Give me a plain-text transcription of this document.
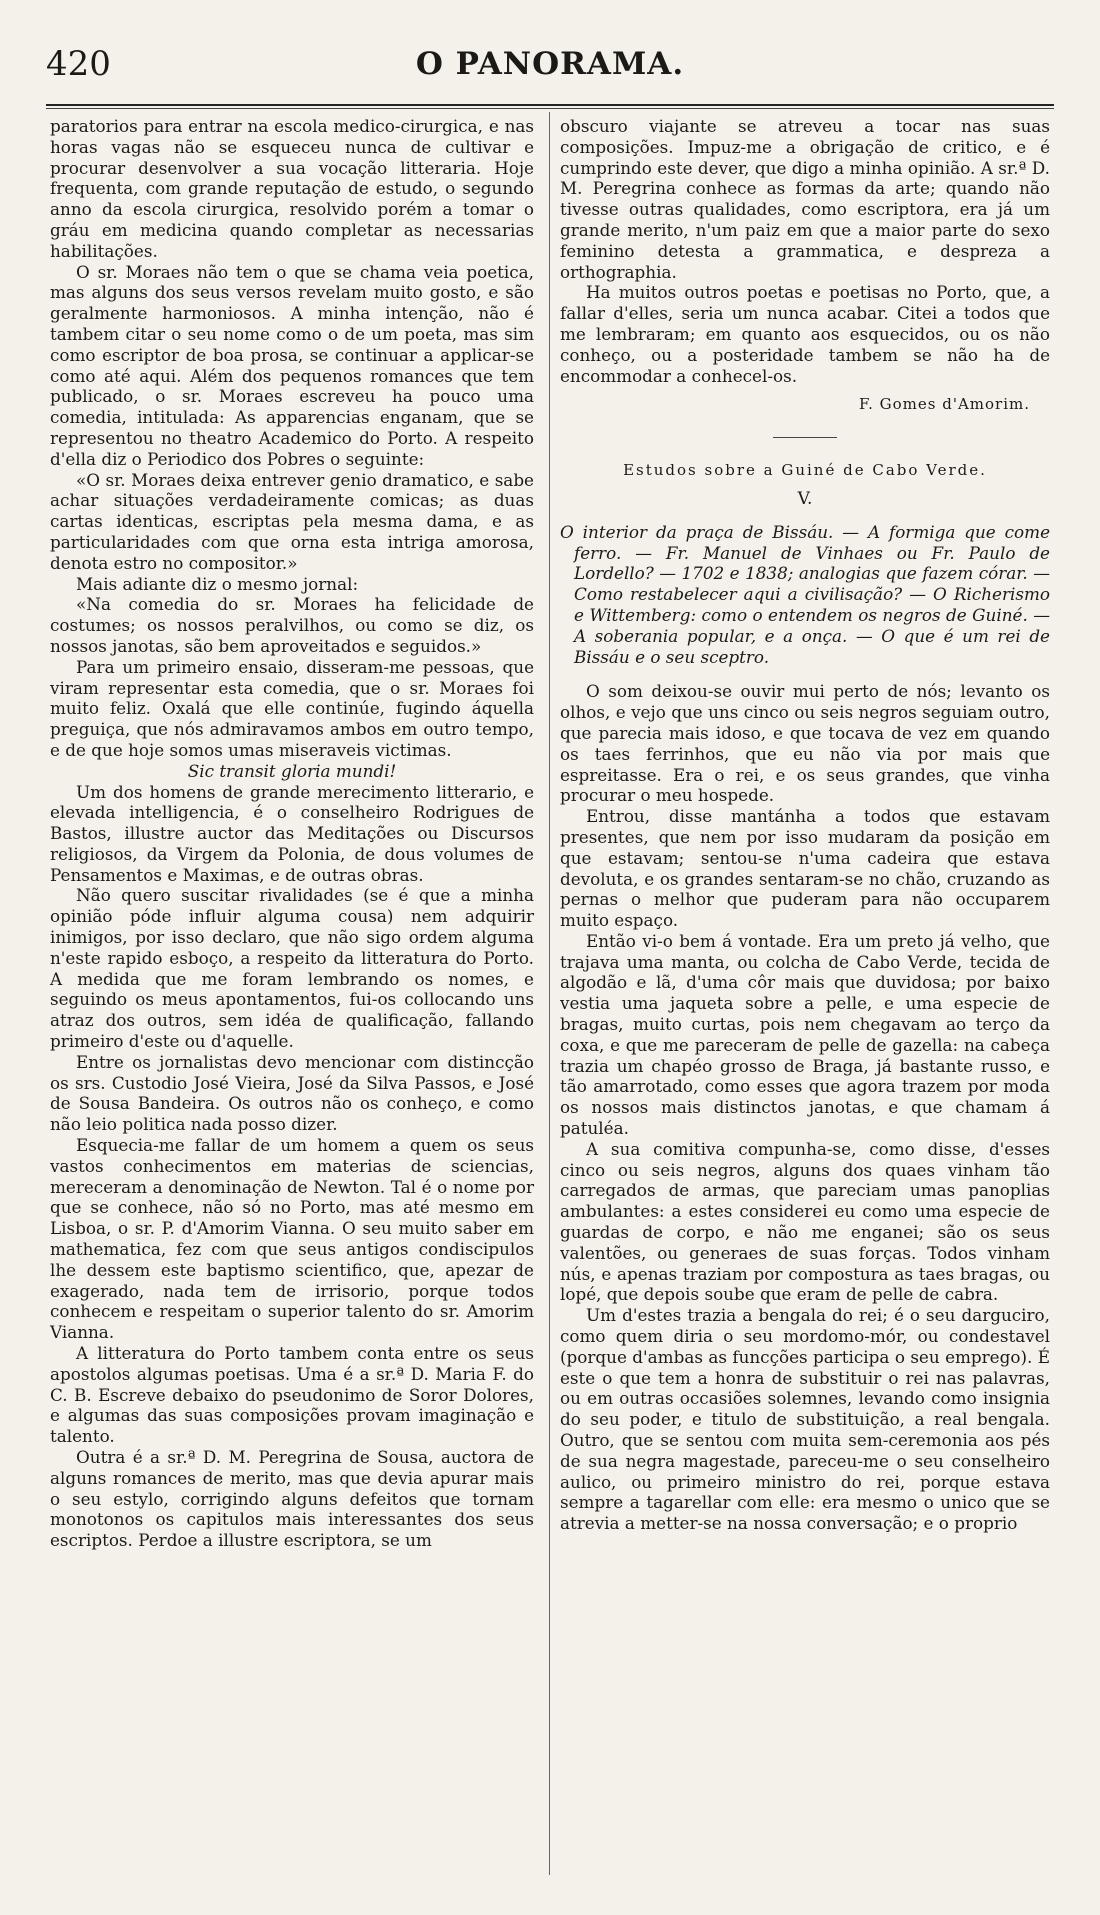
420	O PANORAMA.

paratorios para entrar na escola medico-cirurgica, e nas horas vagas não se esqueceu nunca de cultivar e procurar desenvolver a sua vocação litteraria. Hoje frequenta, com grande reputação de estudo, o segundo anno da escola cirurgica, resolvido porém a tomar o gráu em medicina quando completar as necessarias habilitações.

O sr. Moraes não tem o que se chama veia poetica, mas alguns dos seus versos revelam muito gosto, e são geralmente harmoniosos. A minha intenção, não é tambem citar o seu nome como o de um poeta, mas sim como escriptor de boa prosa, se continuar a applicar-se como até aqui. Além dos pequenos romances que tem publicado, o sr. Moraes escreveu ha pouco uma comedia, intitulada: As apparencias enganam, que se representou no theatro Academico do Porto. A respeito d'ella diz o Periodico dos Pobres o seguinte:

«O sr. Moraes deixa entrever genio dramatico, e sabe achar situações verdadeiramente comicas; as duas cartas identicas, escriptas pela mesma dama, e as particularidades com que orna esta intriga amorosa, denota estro no compositor.»

Mais adiante diz o mesmo jornal:

«Na comedia do sr. Moraes ha felicidade de costumes; os nossos peralvilhos, ou como se diz, os nossos janotas, são bem aproveitados e seguidos.»

Para um primeiro ensaio, disseram-me pessoas, que viram representar esta comedia, que o sr. Moraes foi muito feliz. Oxalá que elle continúe, fugindo áquella preguiça, que nós admiravamos ambos em outro tempo, e de que hoje somos umas miseraveis victimas.

Sic transit gloria mundi!

Um dos homens de grande merecimento litterario, e elevada intelligencia, é o conselheiro Rodrigues de Bastos, illustre auctor das Meditações ou Discursos religiosos, da Virgem da Polonia, de dous volumes de Pensamentos e Maximas, e de outras obras.

Não quero suscitar rivalidades (se é que a minha opinião póde influir alguma cousa) nem adquirir inimigos, por isso declaro, que não sigo ordem alguma n'este rapido esboço, a respeito da litteratura do Porto. A medida que me foram lembrando os nomes, e seguindo os meus apontamentos, fui-os collocando uns atraz dos outros, sem idéa de qualificação, fallando primeiro d'este ou d'aquelle.

Entre os jornalistas devo mencionar com distincção os srs. Custodio José Vieira, José da Silva Passos, e José de Sousa Bandeira. Os outros não os conheço, e como não leio politica nada posso dizer.

Esquecia-me fallar de um homem a quem os seus vastos conhecimentos em materias de sciencias, mereceram a denominação de Newton. Tal é o nome por que se conhece, não só no Porto, mas até mesmo em Lisboa, o sr. P. d'Amorim Vianna. O seu muito saber em mathematica, fez com que seus antigos condiscipulos lhe dessem este baptismo scientifico, que, apezar de exagerado, nada tem de irrisorio, porque todos conhecem e respeitam o superior talento do sr. Amorim Vianna.

A litteratura do Porto tambem conta entre os seus apostolos algumas poetisas. Uma é a sr.ª D. Maria F. do C. B. Escreve debaixo do pseudonimo de Soror Dolores, e algumas das suas composições provam imaginação e talento.

Outra é a sr.ª D. M. Peregrina de Sousa, auctora de alguns romances de merito, mas que devia apurar mais o seu estylo, corrigindo alguns defeitos que tornam monotonos os capitulos mais interessantes dos seus escriptos. Perdoe a illustre escriptora, se um

obscuro viajante se atreveu a tocar nas suas composições. Impuz-me a obrigação de critico, e é cumprindo este dever, que digo a minha opinião. A sr.ª D. M. Peregrina conhece as formas da arte; quando não tivesse outras qualidades, como escriptora, era já um grande merito, n'um paiz em que a maior parte do sexo feminino detesta a grammatica, e despreza a orthographia.

Ha muitos outros poetas e poetisas no Porto, que, a fallar d'elles, seria um nunca acabar. Citei a todos que me lembraram; em quanto aos esquecidos, ou os não conheço, ou a posteridade tambem se não ha de encommodar a conhecel-os.

F. Gomes d'Amorim.

Estudos sobre a Guiné de Cabo Verde.

V.

O interior da praça de Bissáu. — A formiga que come ferro. — Fr. Manuel de Vinhaes ou Fr. Paulo de Lordello? — 1702 e 1838; analogias que fazem córar. — Como restabelecer aqui a civilisação? — O Richerismo e Wittemberg: como o entendem os negros de Guiné. — A soberania popular, e a onça. — O que é um rei de Bissáu e o seu sceptro.

O som deixou-se ouvir mui perto de nós; levanto os olhos, e vejo que uns cinco ou seis negros seguiam outro, que parecia mais idoso, e que tocava de vez em quando os taes ferrinhos, que eu não via por mais que espreitasse. Era o rei, e os seus grandes, que vinha procurar o meu hospede.

Entrou, disse mantánha a todos que estavam presentes, que nem por isso mudaram da posição em que estavam; sentou-se n'uma cadeira que estava devoluta, e os grandes sentaram-se no chão, cruzando as pernas o melhor que puderam para não occuparem muito espaço.

Então vi-o bem á vontade. Era um preto já velho, que trajava uma manta, ou colcha de Cabo Verde, tecida de algodão e lã, d'uma côr mais que duvidosa; por baixo vestia uma jaqueta sobre a pelle, e uma especie de bragas, muito curtas, pois nem chegavam ao terço da coxa, e que me pareceram de pelle de gazella: na cabeça trazia um chapéo grosso de Braga, já bastante russo, e tão amarrotado, como esses que agora trazem por moda os nossos mais distinctos janotas, e que chamam á patuléa.

A sua comitiva compunha-se, como disse, d'esses cinco ou seis negros, alguns dos quaes vinham tão carregados de armas, que pareciam umas panoplias ambulantes: a estes considerei eu como uma especie de guardas de corpo, e não me enganei; são os seus valentões, ou generaes de suas forças. Todos vinham nús, e apenas traziam por compostura as taes bragas, ou lopé, que depois soube que eram de pelle de cabra.

Um d'estes trazia a bengala do rei; é o seu darguciro, como quem diria o seu mordomo-mór, ou condestavel (porque d'ambas as funcções participa o seu emprego). É este o que tem a honra de substituir o rei nas palavras, ou em outras occasiões solemnes, levando como insignia do seu poder, e titulo de substituição, a real bengala. Outro, que se sentou com muita sem-ceremonia aos pés de sua negra magestade, pareceu-me o seu conselheiro aulico, ou primeiro ministro do rei, porque estava sempre a tagarellar com elle: era mesmo o unico que se atrevia a metter-se na nossa conversação; e o proprio
